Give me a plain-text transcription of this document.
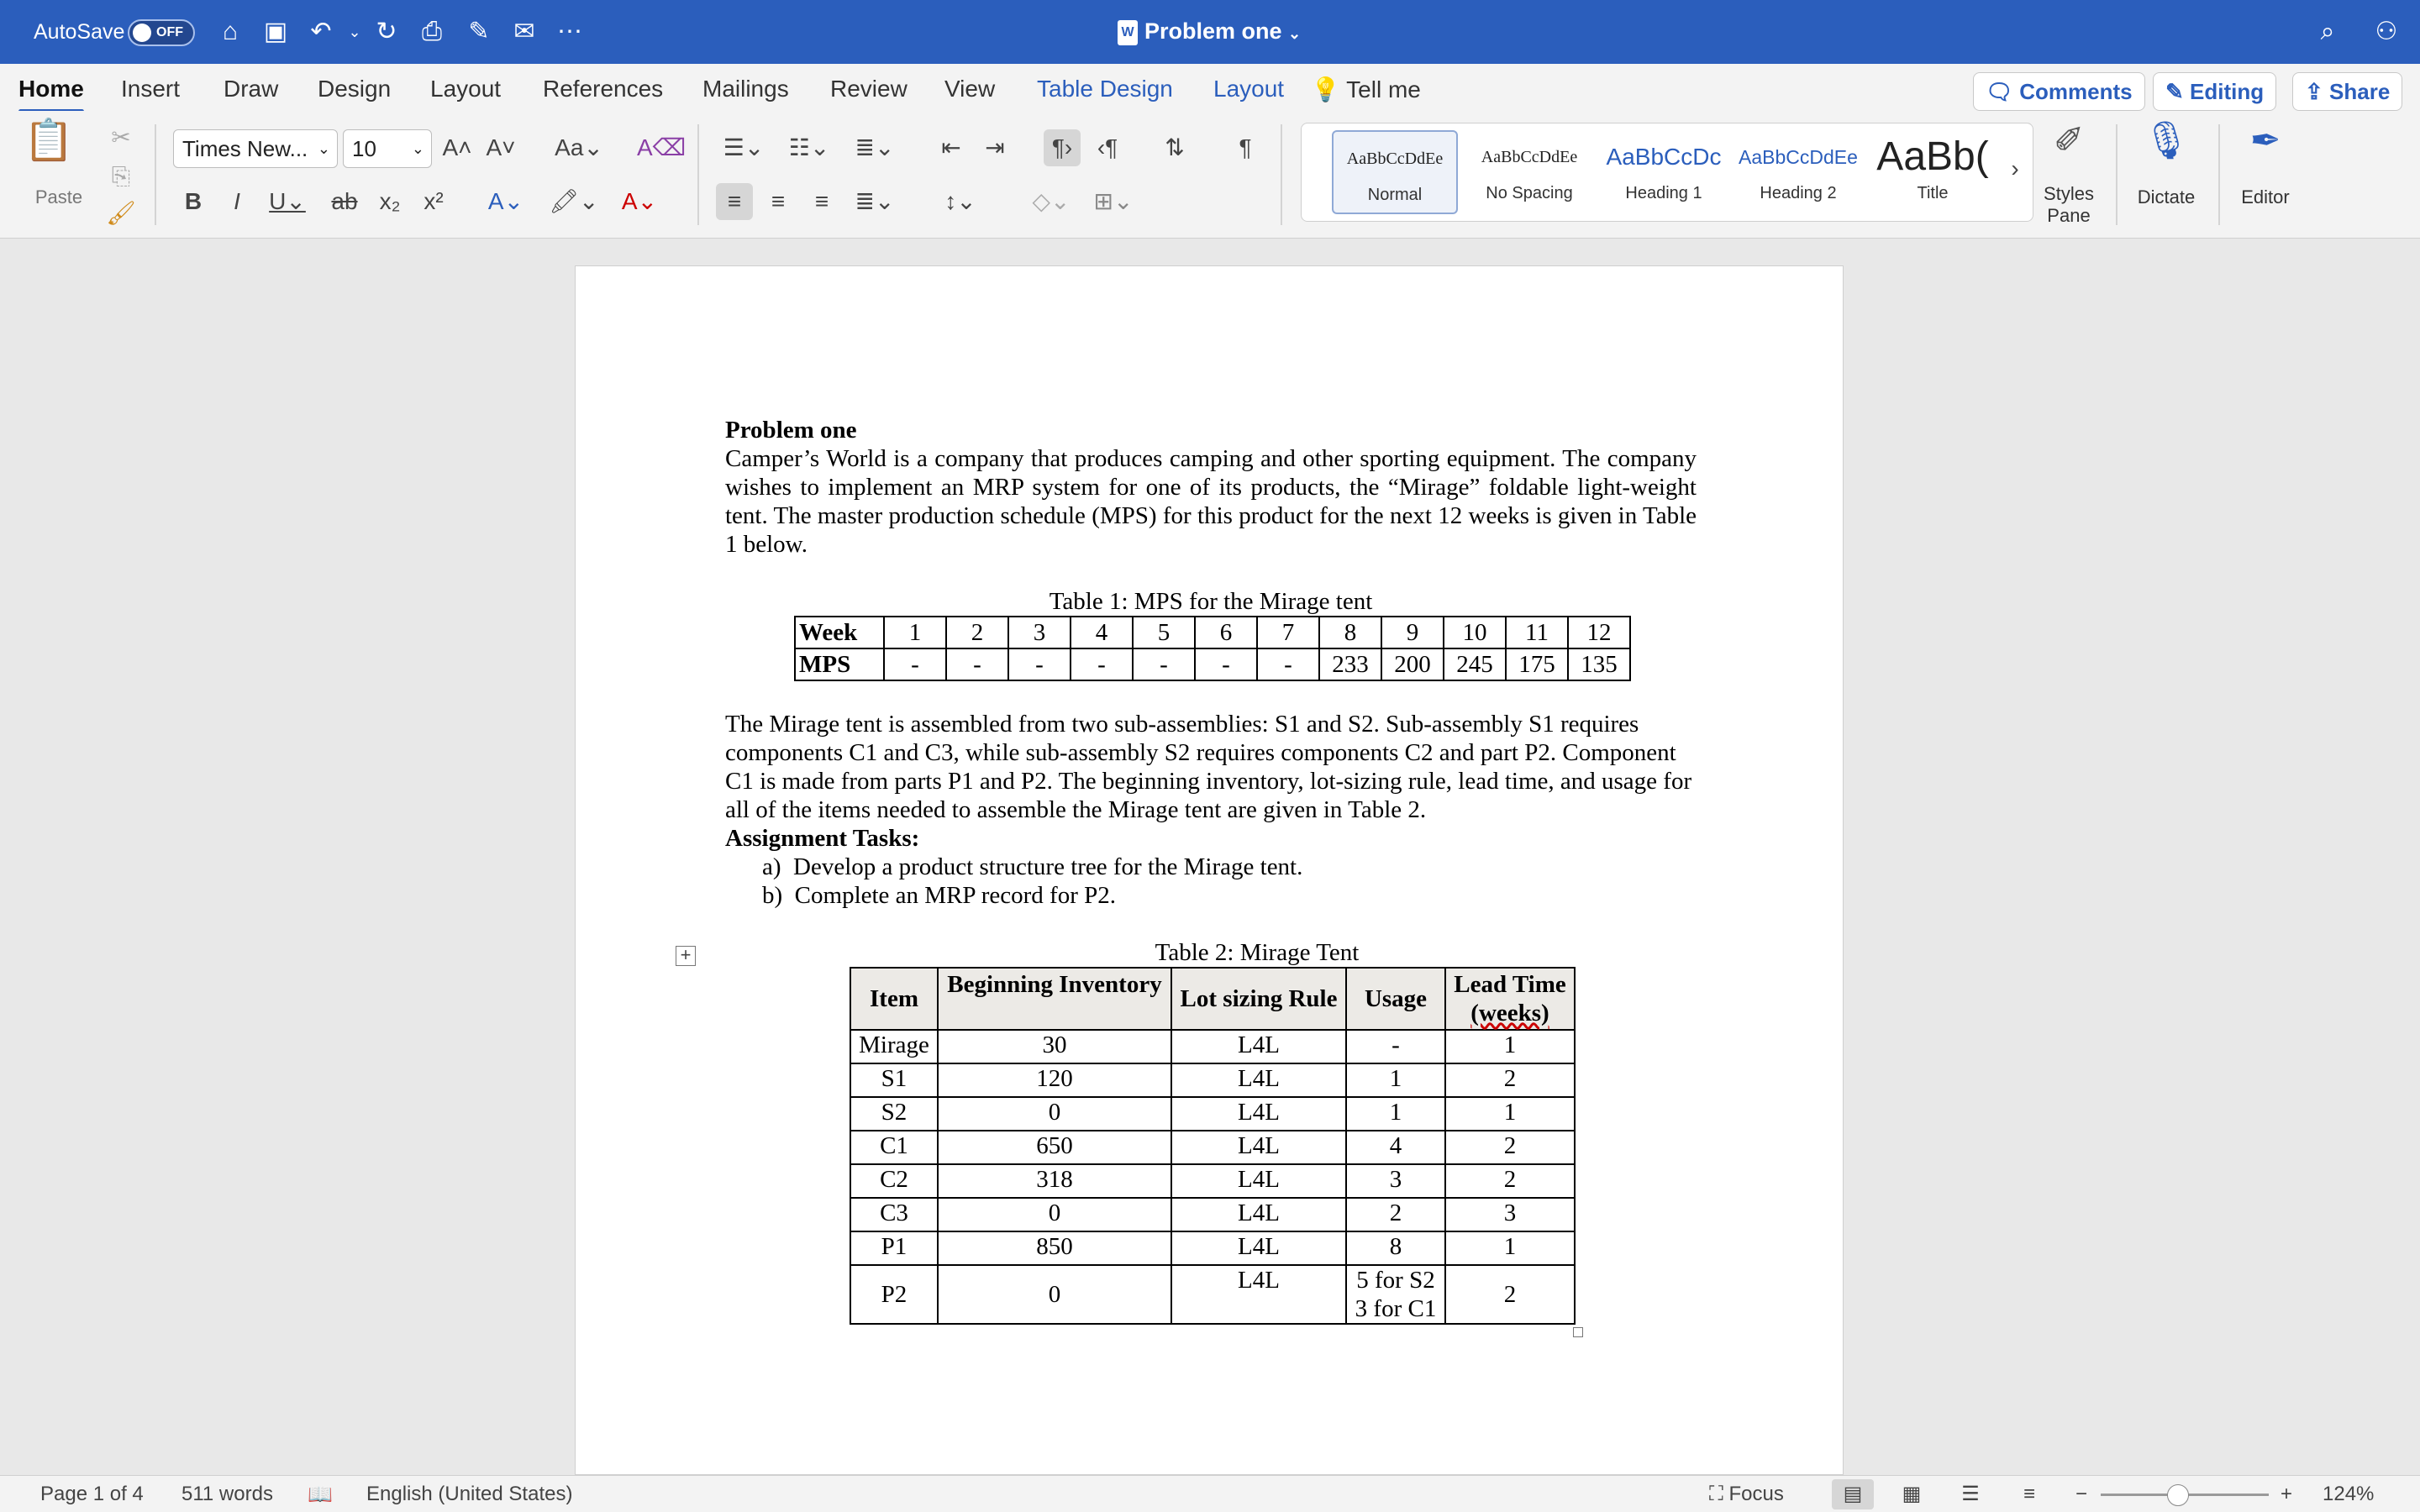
AutoSave OFF	⌂	▣ ↶	⌄ ↻ ⎙ ✎ ✉ ⋯	W Problem one ⌄	⌕	⚇
Home Insert Draw Design Layout References Mailings Review View Table Design Layout 💡 Tell me	🗨 Comments	✎ Editing	⇪ Share
📋
Paste
✂
⎘
🖌
Times New... ⌄	10 ⌄ A˄ A˅ Aa⌄ A⌫
B	I	U⌄ ab x₂ x²	A⌄	🖍⌄ A⌄
☰⌄	☷⌄	≣⌄	⇤	⇥	¶›	‹¶	⇅	¶
≡	≡	≡	≣⌄	↕⌄	◇⌄	⊞⌄
AaBbCcDdEe
Normal
AaBbCcDdEe
No Spacing
AaBbCcDc
Heading 1
AaBbCcDdEe
Heading 2
AaBb(
Title
›
✐
Styles Pane
🎙
Dictate
✒
Editor
Problem one

Camper’s World is a company that produces camping and other sporting equipment. The company wishes to implement an MRP system for one of its products, the “Mirage” foldable light-weight tent. The master production schedule (MPS) for this product for the next 12 weeks is given in Table 1 below.

Table 1: MPS for the Mirage tent
Week	1	2	3	4	5	6	7	8	9	10	11	12
MPS	-	-	-	-	-	-	-	233	200	245	175	135

The Mirage tent is assembled from two sub-assemblies: S1 and S2. Sub-assembly S1 requires components C1 and C3, while sub-assembly S2 requires components C2 and part P2. Component C1 is made from parts P1 and P2. The beginning inventory, lot-sizing rule, lead time, and usage for all of the items needed to assemble the Mirage tent are given in Table 2.

Assignment Tasks:
a) Develop a product structure tree for the Mirage tent.
b) Complete an MRP record for P2.
Table 2: Mirage Tent
Item	Beginning Inventory	Lot sizing Rule	Usage	Lead Time
(weeks)
Mirage	30	L4L	-	1
S1	120	L4L	1	2
S2	0	L4L	1	1
C1	650	L4L	4	2
C2	318	L4L	3	2
C3	0	L4L	2	3
P1	850	L4L	8	1
P2	0	L4L	5 for S2
3 for C1	2
+
Page 1 of 4 511 words 📖 English (United States)	⛶ Focus	▤	▦	☰	≡	−	+ 124%
